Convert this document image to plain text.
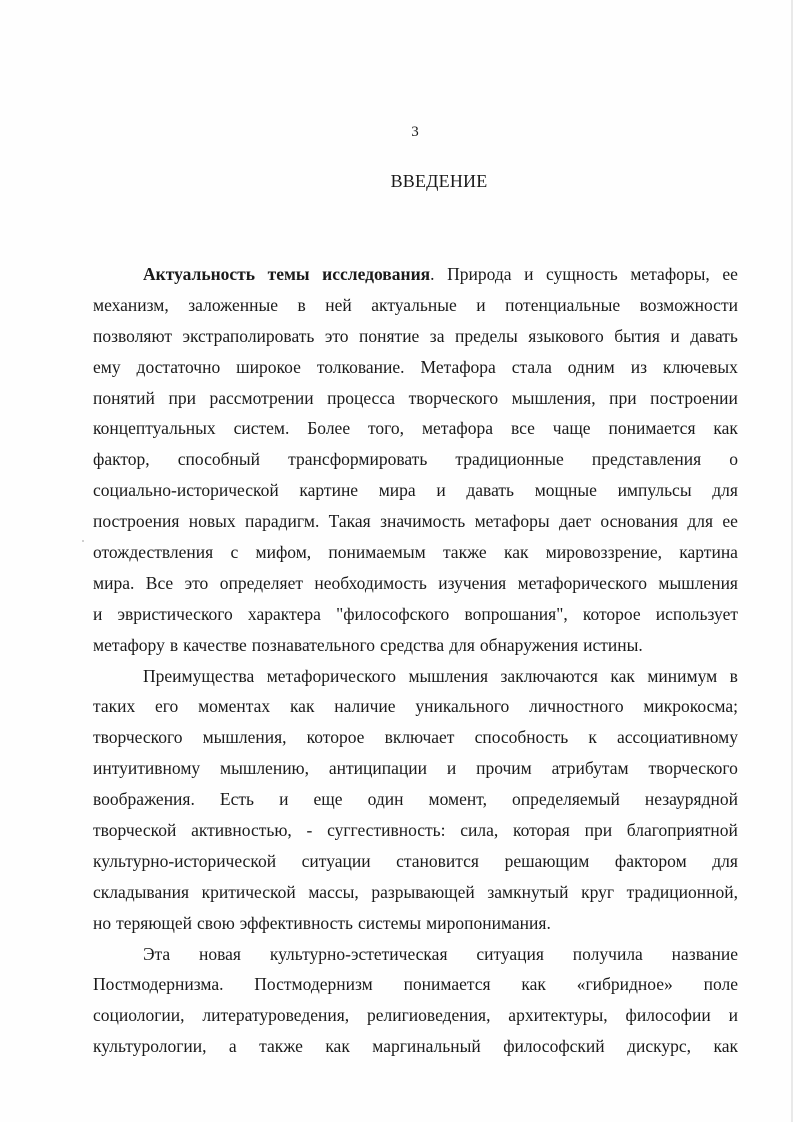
3
ВВЕДЕНИЕ
Актуальность темы исследования. Природа и сущность метафоры, ее
механизм, заложенные в ней актуальные и потенциальные возможности
позволяют экстраполировать это понятие за пределы языкового бытия и давать
ему достаточно широкое толкование. Метафора стала одним из ключевых
понятий при рассмотрении процесса творческого мышления, при построении
концептуальных систем. Более того, метафора все чаще понимается как
фактор, способный трансформировать традиционные представления о
социально-исторической картине мира и давать мощные импульсы для
построения новых парадигм. Такая значимость метафоры дает основания для ее
отождествления с мифом, понимаемым также как мировоззрение, картина
мира. Все это определяет необходимость изучения метафорического мышления
и эвристического характера "философского вопрошания", которое использует
метафору в качестве познавательного средства для обнаружения истины.
Преимущества метафорического мышления заключаются как минимум в
таких его моментах как наличие уникального личностного микрокосма;
творческого мышления, которое включает способность к ассоциативному
интуитивному мышлению, антиципации и прочим атрибутам творческого
воображения. Есть и еще один момент, определяемый незаурядной
творческой активностью, - суггестивность: сила, которая при благоприятной
культурно-исторической ситуации становится решающим фактором для
складывания критической массы, разрывающей замкнутый круг традиционной,
но теряющей свою эффективность системы миропонимания.
Эта новая культурно-эстетическая ситуация получила название
Постмодернизма. Постмодернизм понимается как «гибридное» поле
социологии, литературоведения, религиоведения, архитектуры, философии и
культурологии, а также как маргинальный философский дискурс, как
